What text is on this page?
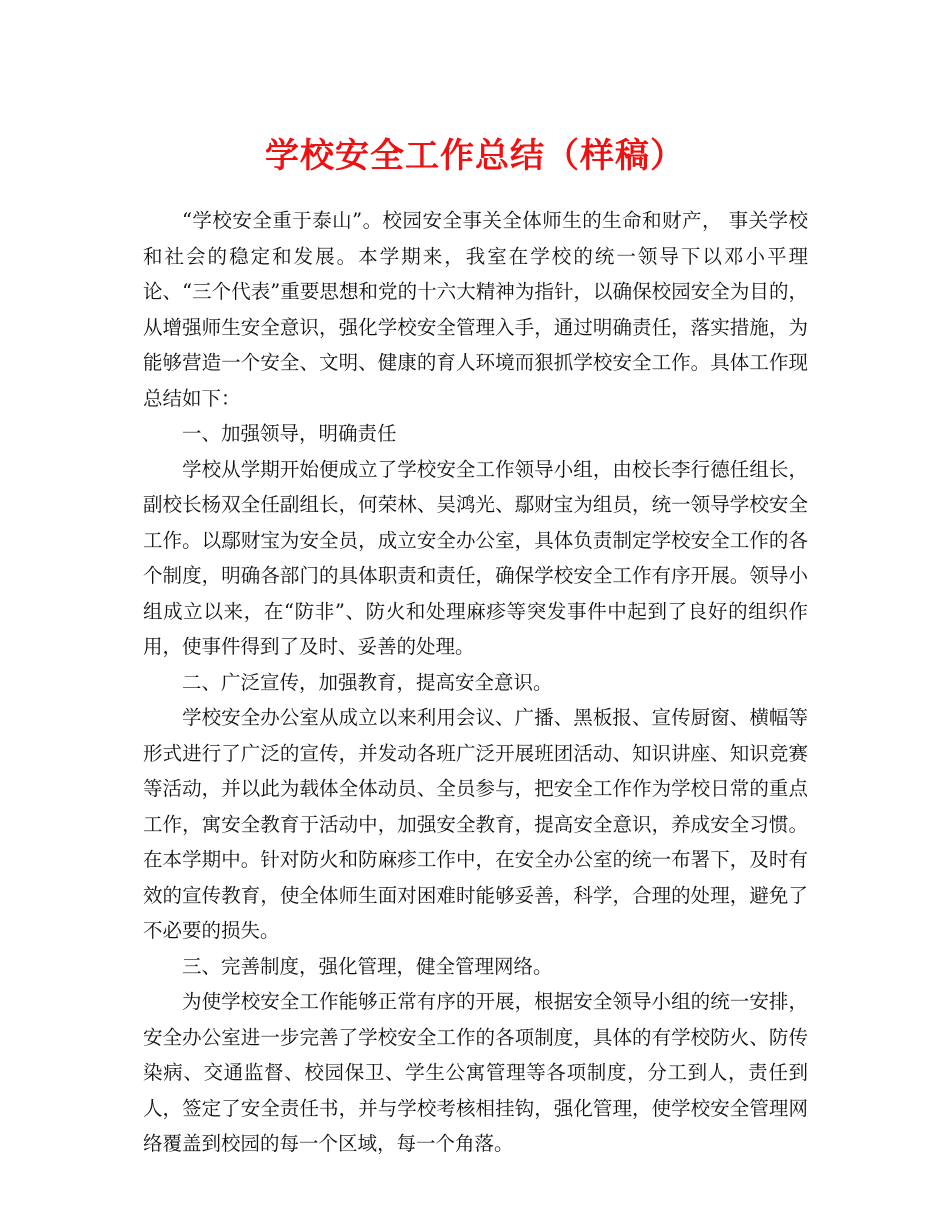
学校安全工作总结（样稿）

“学校安全重于泰山”。校园安全事关全体师生的生命和财产， 事关学校和社会的稳定和发展。本学期来，我室在学校的统一领导下以邓小平理论、“三个代表”重要思想和党的十六大精神为指针，以确保校园安全为目的，从增强师生安全意识，强化学校安全管理入手，通过明确责任，落实措施，为能够营造一个安全、文明、健康的育人环境而狠抓学校安全工作。具体工作现总结如下：

一、加强领导，明确责任

学校从学期开始便成立了学校安全工作领导小组，由校长李行德任组长，副校长杨双全任副组长，何荣林、吴鸿光、鄢财宝为组员，统一领导学校安全工作。以鄢财宝为安全员，成立安全办公室，具体负责制定学校安全工作的各个制度，明确各部门的具体职责和责任，确保学校安全工作有序开展。领导小组成立以来，在“防非”、防火和处理麻疹等突发事件中起到了良好的组织作用，使事件得到了及时、妥善的处理。

二、广泛宣传，加强教育，提高安全意识。

学校安全办公室从成立以来利用会议、广播、黑板报、宣传厨窗、横幅等形式进行了广泛的宣传，并发动各班广泛开展班团活动、知识讲座、知识竞赛等活动，并以此为载体全体动员、全员参与，把安全工作作为学校日常的重点工作，寓安全教育于活动中，加强安全教育，提高安全意识，养成安全习惯。在本学期中。针对防火和防麻疹工作中，在安全办公室的统一布署下，及时有效的宣传教育，使全体师生面对困难时能够妥善，科学，合理的处理，避免了不必要的损失。

三、完善制度，强化管理，健全管理网络。

为使学校安全工作能够正常有序的开展，根据安全领导小组的统一安排，安全办公室进一步完善了学校安全工作的各项制度，具体的有学校防火、防传染病、交通监督、校园保卫、学生公寓管理等各项制度，分工到人，责任到人，签定了安全责任书，并与学校考核相挂钩，强化管理，使学校安全管理网络覆盖到校园的每一个区域，每一个角落。
